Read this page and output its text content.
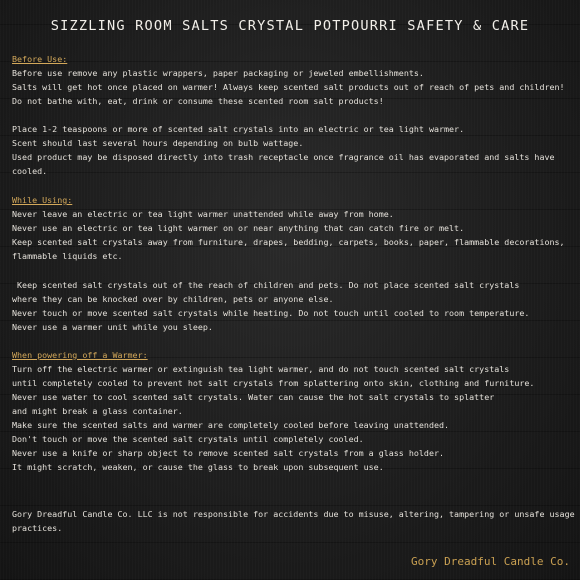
SIZZLING ROOM SALTS CRYSTAL POTPOURRI SAFETY & CARE
Before Use:
Before use remove any plastic wrappers, paper packaging or jeweled embellishments.
Salts will get hot once placed on warmer! Always keep scented salt products out of reach of pets and children!
Do not bathe with, eat, drink or consume these scented room salt products!
Place 1-2 teaspoons or more of scented salt crystals into an electric or tea light warmer.
Scent should last several hours depending on bulb wattage.
Used product may be disposed directly into trash receptacle once fragrance oil has evaporated and salts have
cooled.
While Using:
Never leave an electric or tea light warmer unattended while away from home.
Never use an electric or tea light warmer on or near anything that can catch fire or melt.
Keep scented salt crystals away from furniture, drapes, bedding, carpets, books, paper, flammable decorations,
flammable liquids etc.
Keep scented salt crystals out of the reach of children and pets. Do not place scented salt crystals
where they can be knocked over by children, pets or anyone else.
Never touch or move scented salt crystals while heating. Do not touch until cooled to room temperature.
Never use a warmer unit while you sleep.
When powering off a Warmer:
Turn off the electric warmer or extinguish tea light warmer, and do not touch scented salt crystals
until completely cooled to prevent hot salt crystals from splattering onto skin, clothing and furniture.
Never use water to cool scented salt crystals. Water can cause the hot salt crystals to splatter
and might break a glass container.
Make sure the scented salts and warmer are completely cooled before leaving unattended.
Don't touch or move the scented salt crystals until completely cooled.
Never use a knife or sharp object to remove scented salt crystals from a glass holder.
It might scratch, weaken, or cause the glass to break upon subsequent use.
Gory Dreadful Candle Co. LLC is not responsible for accidents due to misuse, altering, tampering or unsafe usage
practices.
Gory Dreadful Candle Co.
